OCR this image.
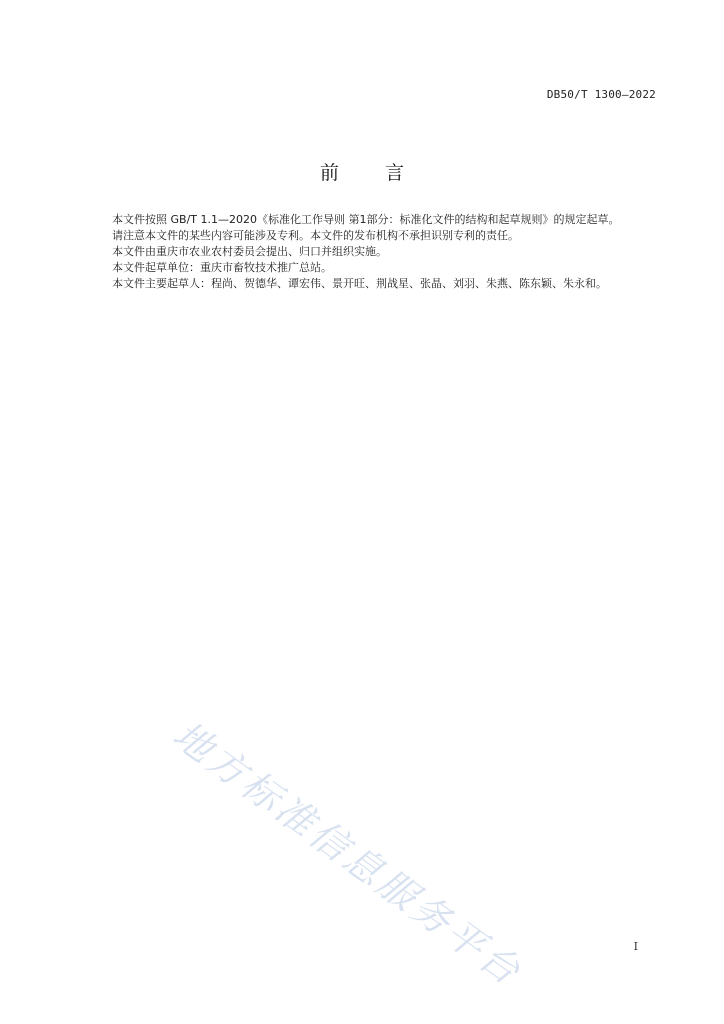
DB50/T 1300—2022
前 言

本文件按照 GB/T 1.1—2020《标准化工作导则 第1部分：标准化文件的结构和起草规则》的规定起草。

请注意本文件的某些内容可能涉及专利。本文件的发布机构不承担识别专利的责任。

本文件由重庆市农业农村委员会提出、归口并组织实施。

本文件起草单位：重庆市畜牧技术推广总站。

本文件主要起草人：程尚、贺德华、谭宏伟、景开旺、荆战星、张晶、刘羽、朱燕、陈东颖、朱永和。

地方标准信息服务平台	I
